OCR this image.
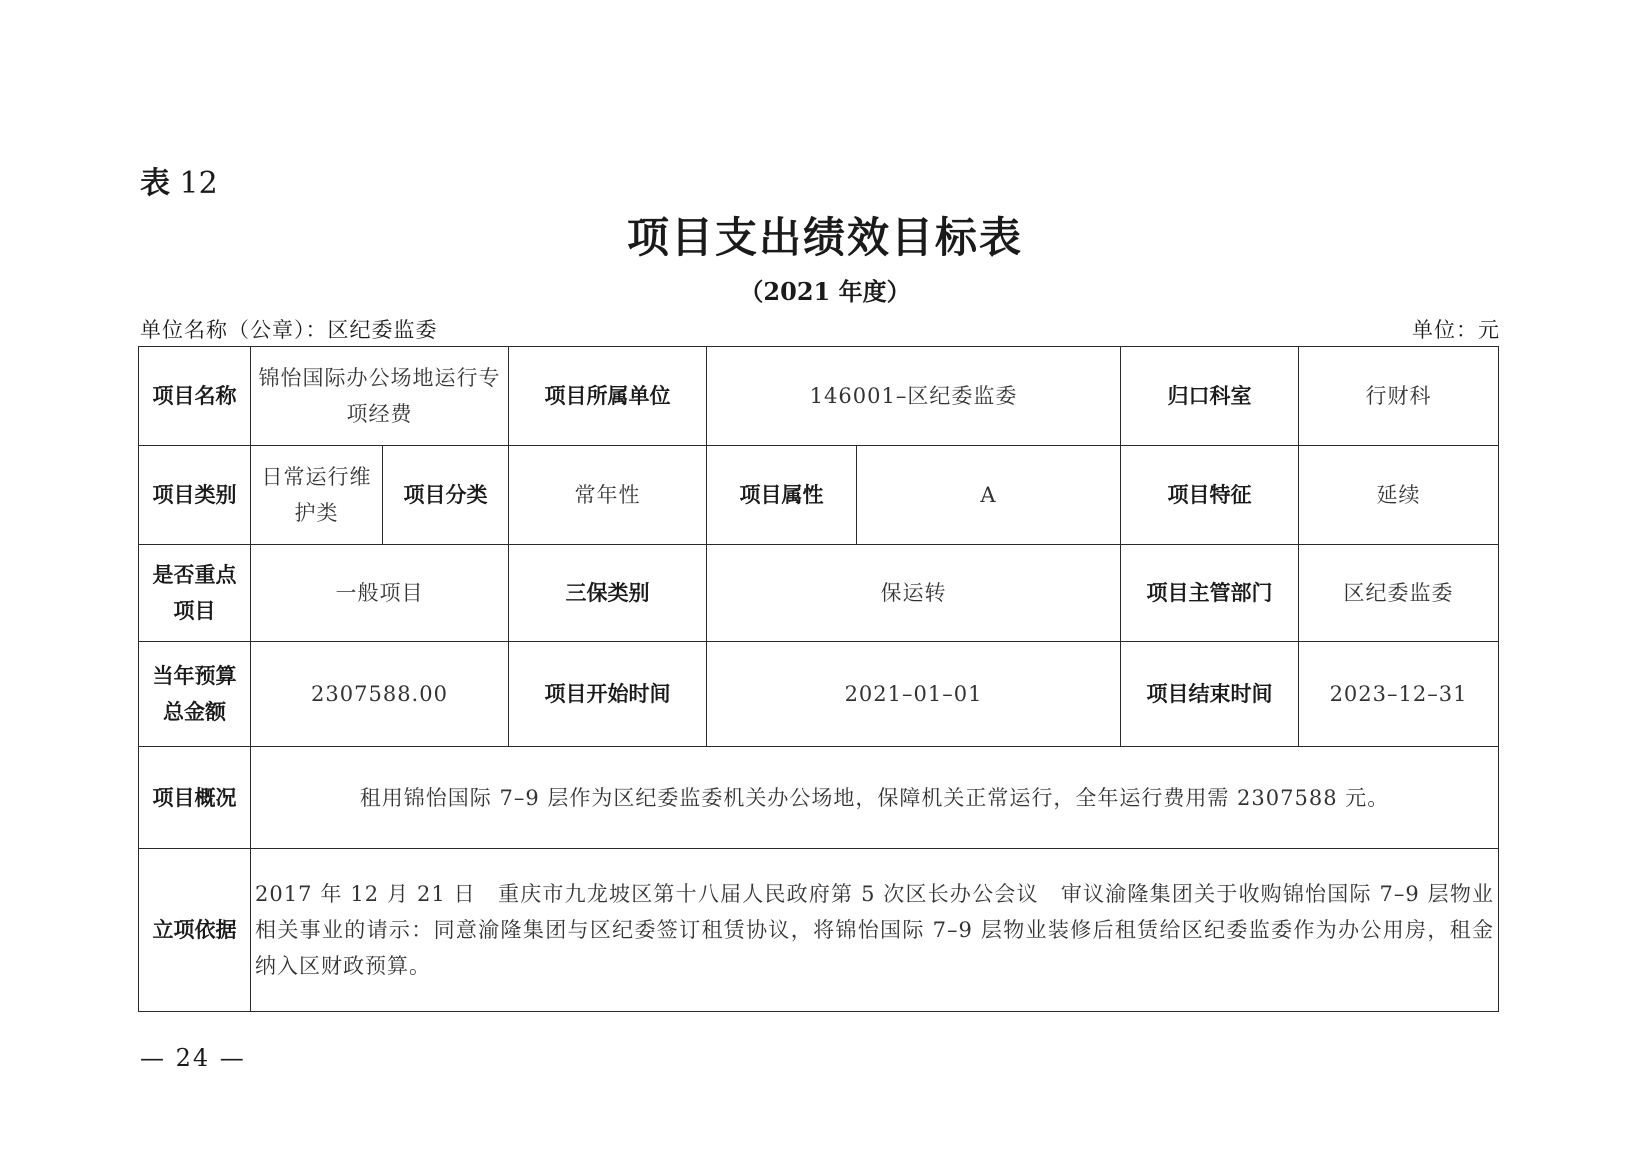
表 12
项目支出绩效目标表
（2021 年度）
单位名称（公章）：区纪委监委	单位：元
项目名称	锦怡国际办公场地运行专项经费		项目所属单位	146001–区纪委监委		归口科室	行财科
项目类别	日常运行维护类	项目分类	常年性	项目属性	A	项目特征	延续
是否重点项目	一般项目		三保类别	保运转		项目主管部门	区纪委监委
当年预算总金额	2307588.00		项目开始时间	2021–01–01		项目结束时间	2023–12–31
项目概况	租用锦怡国际 7–9 层作为区纪委监委机关办公场地，保障机关正常运行，全年运行费用需 2307588 元。						
立项依据	2017 年 12 月 21 日　重庆市九龙坡区第十八届人民政府第 5 次区长办公会议　审议渝隆集团关于收购锦怡国际 7–9 层物业相关事业的请示：同意渝隆集团与区纪委签订租赁协议，将锦怡国际 7–9 层物业装修后租赁给区纪委监委作为办公用房，租金纳入区财政预算。						
— 24 —
